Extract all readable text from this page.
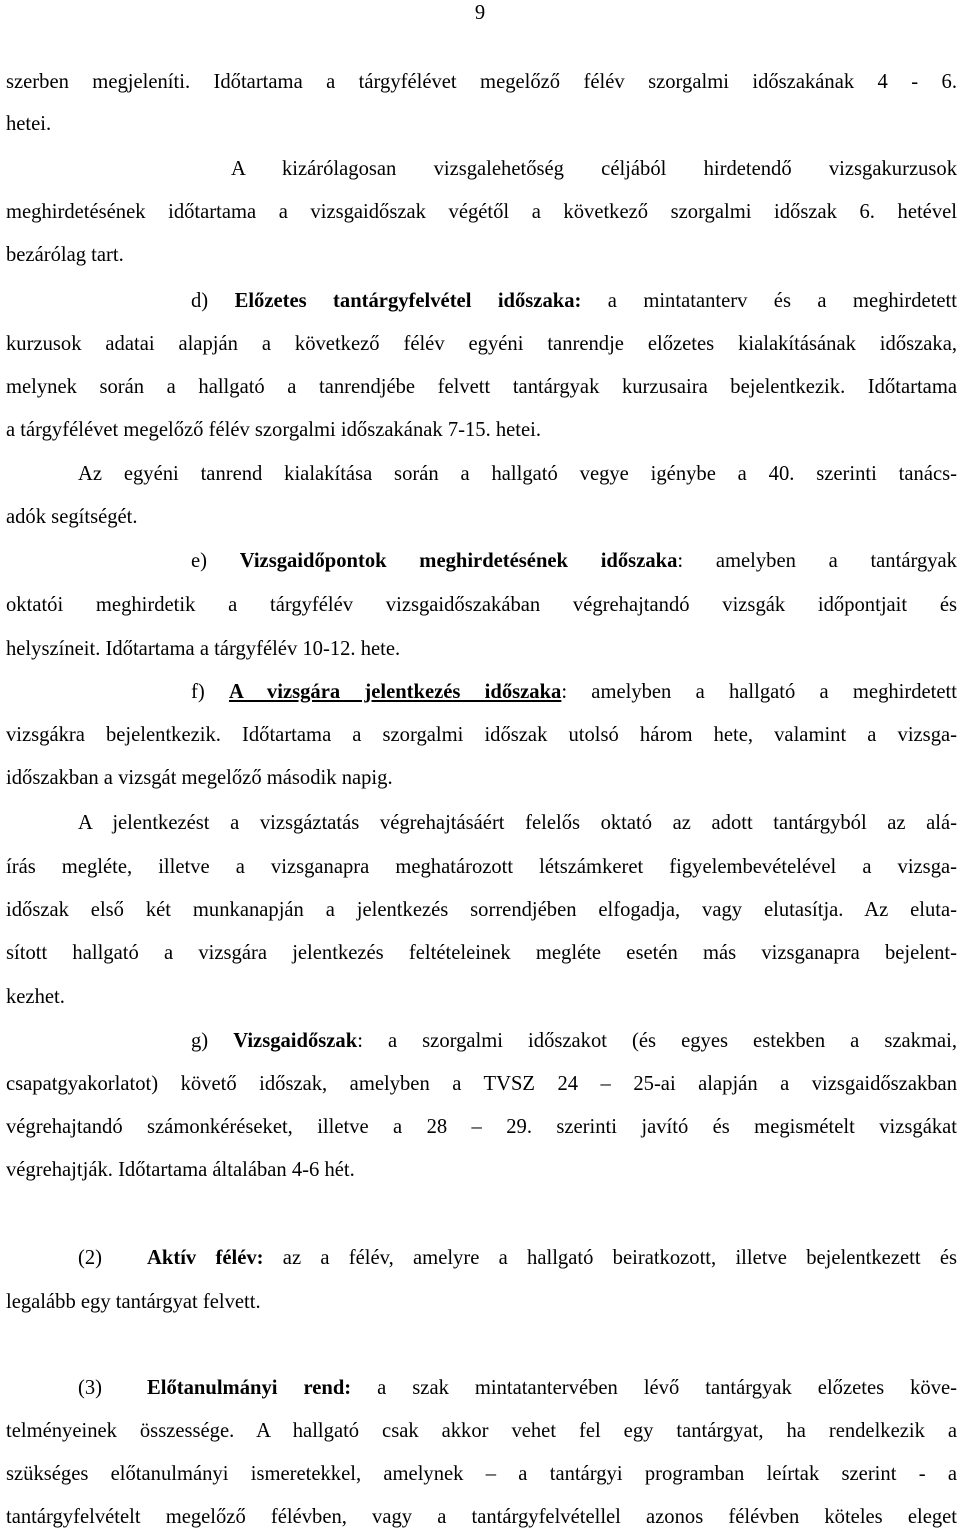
9
szerben megjeleníti. Időtartama a tárgyfélévet megelőző félév szorgalmi időszakának 4 - 6.
hetei.
A kizárólagosan vizsgalehetőség céljából hirdetendő vizsgakurzusok
meghirdetésének időtartama a vizsgaidőszak végétől a következő szorgalmi időszak 6. hetével
bezárólag tart.
d) Előzetes tantárgyfelvétel időszaka: a mintatanterv és a meghirdetett
kurzusok adatai alapján a következő félév egyéni tanrendje előzetes kialakításának időszaka,
melynek során a hallgató a tanrendjébe felvett tantárgyak kurzusaira bejelentkezik. Időtartama
a tárgyfélévet megelőző félév szorgalmi időszakának 7-15. hetei.
Az egyéni tanrend kialakítása során a hallgató vegye igénybe a 40. szerinti tanács-
adók segítségét.
e) Vizsgaidőpontok meghirdetésének időszaka: amelyben a tantárgyak
oktatói meghirdetik a tárgyfélév vizsgaidőszakában végrehajtandó vizsgák időpontjait és
helyszíneit. Időtartama a tárgyfélév 10-12. hete.
f) A vizsgára jelentkezés időszaka: amelyben a hallgató a meghirdetett
vizsgákra bejelentkezik. Időtartama a szorgalmi időszak utolsó három hete, valamint a vizsga-
időszakban a vizsgát megelőző második napig.
A jelentkezést a vizsgáztatás végrehajtásáért felelős oktató az adott tantárgyból az alá-
írás megléte, illetve a vizsganapra meghatározott létszámkeret figyelembevételével a vizsga-
időszak első két munkanapján a jelentkezés sorrendjében elfogadja, vagy elutasítja. Az eluta-
sított hallgató a vizsgára jelentkezés feltételeinek megléte esetén más vizsganapra bejelent-
kezhet.
g) Vizsgaidőszak: a szorgalmi időszakot (és egyes estekben a szakmai,
csapatgyakorlatot) követő időszak, amelyben a TVSZ 24 – 25-ai alapján a vizsgaidőszakban
végrehajtandó számonkéréseket, illetve a 28 – 29. szerinti javító és megismételt vizsgákat
végrehajtják. Időtartama általában 4-6 hét.
(2) Aktív félév: az a félév, amelyre a hallgató beiratkozott, illetve bejelentkezett és
legalább egy tantárgyat felvett.
(3) Előtanulmányi rend: a szak mintatantervében lévő tantárgyak előzetes köve-
telményeinek összessége. A hallgató csak akkor vehet fel egy tantárgyat, ha rendelkezik a
szükséges előtanulmányi ismeretekkel, amelynek – a tantárgyi programban leírtak szerint - a
tantárgyfelvételt megelőző félévben, vagy a tantárgyfelvétellel azonos félévben köteles eleget
